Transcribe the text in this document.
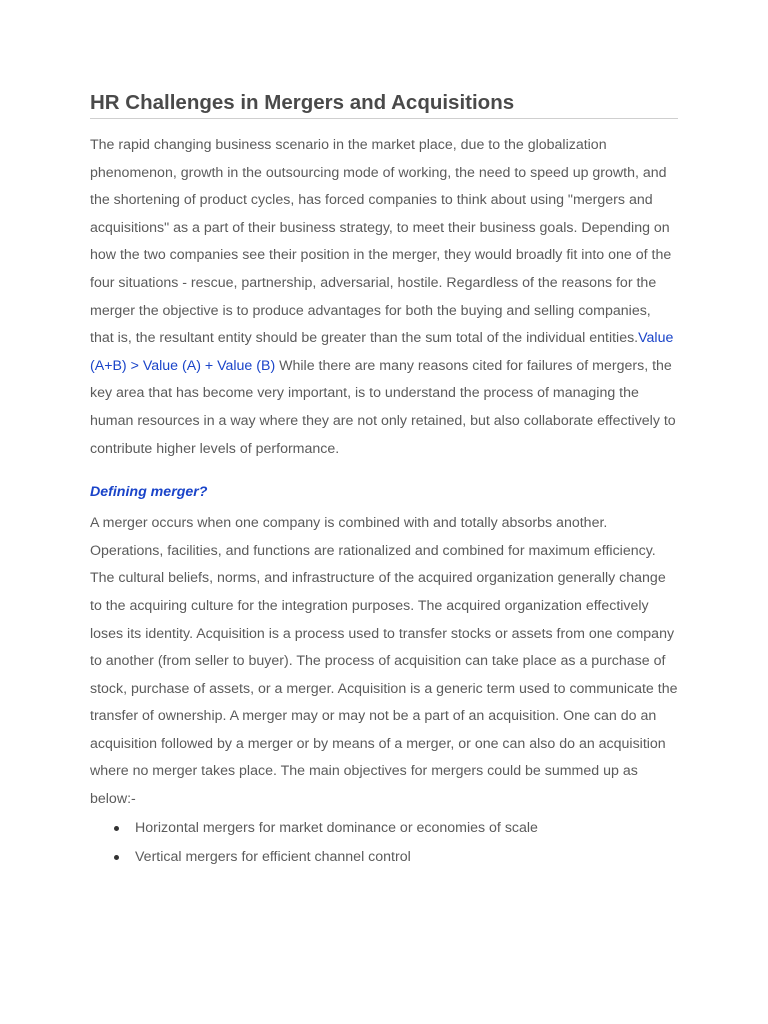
HR Challenges in Mergers and Acquisitions

The rapid changing business scenario in the market place, due to the globalization phenomenon, growth in the outsourcing mode of working, the need to speed up growth, and the shortening of product cycles, has forced companies to think about using "mergers and acquisitions" as a part of their business strategy, to meet their business goals. Depending on how the two companies see their position in the merger, they would broadly fit into one of the four situations - rescue, partnership, adversarial, hostile. Regardless of the reasons for the merger the objective is to produce advantages for both the buying and selling companies, that is, the resultant entity should be greater than the sum total of the individual entities.Value (A+B) > Value (A) + Value (B) While there are many reasons cited for failures of mergers, the key area that has become very important, is to understand the process of managing the human resources in a way where they are not only retained, but also collaborate effectively to contribute higher levels of performance.

Defining merger?

A merger occurs when one company is combined with and totally absorbs another. Operations, facilities, and functions are rationalized and combined for maximum efficiency. The cultural beliefs, norms, and infrastructure of the acquired organization generally change to the acquiring culture for the integration purposes. The acquired organization effectively loses its identity. Acquisition is a process used to transfer stocks or assets from one company to another (from seller to buyer). The process of acquisition can take place as a purchase of stock, purchase of assets, or a merger. Acquisition is a generic term used to communicate the transfer of ownership. A merger may or may not be a part of an acquisition. One can do an acquisition followed by a merger or by means of a merger, or one can also do an acquisition where no merger takes place. The main objectives for mergers could be summed up as below:-

Horizontal mergers for market dominance or economies of scale
Vertical mergers for efficient channel control
